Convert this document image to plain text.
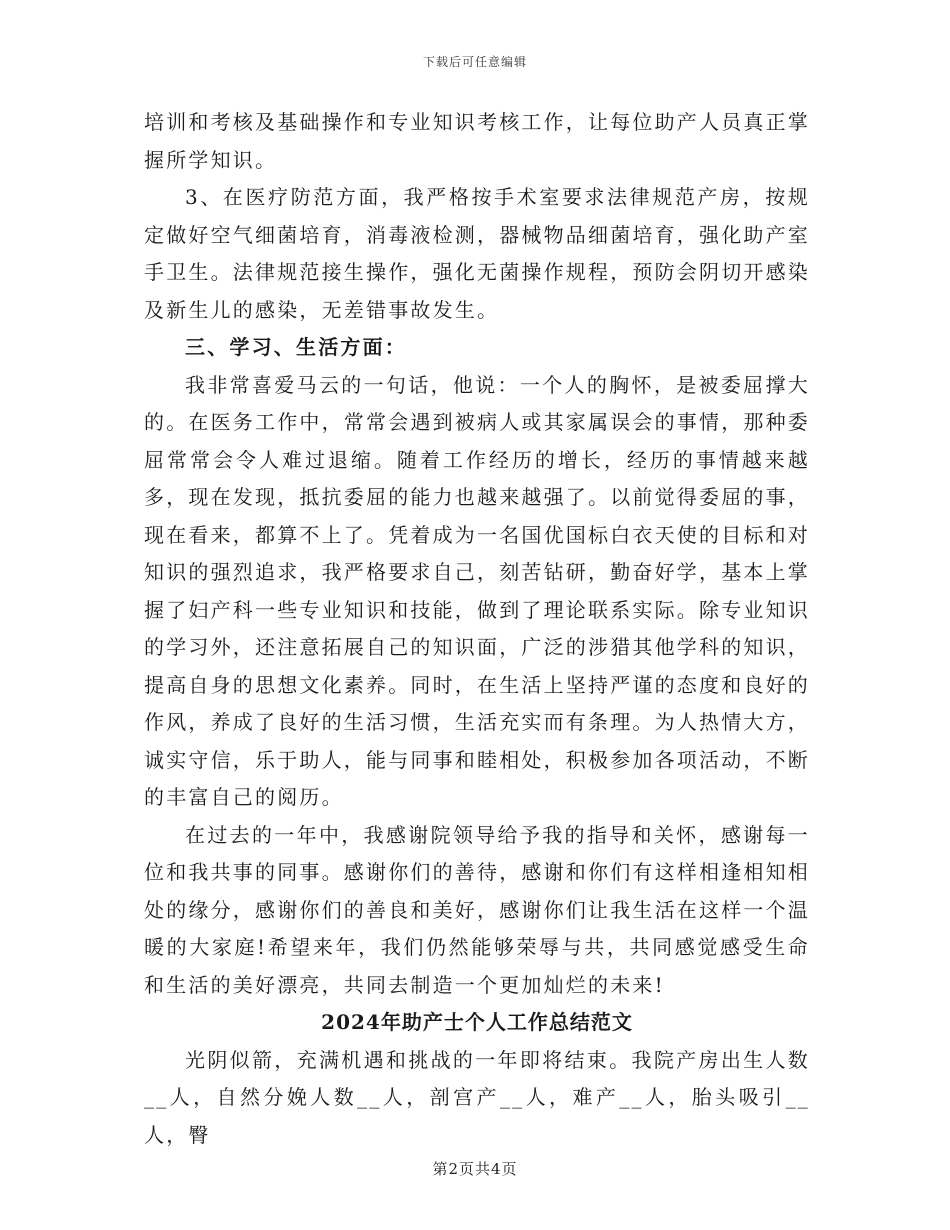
下载后可任意编辑

培训和考核及基础操作和专业知识考核工作，让每位助产人员真正掌握所学知识。

3、在医疗防范方面，我严格按手术室要求法律规范产房，按规定做好空气细菌培育，消毒液检测，器械物品细菌培育，强化助产室手卫生。法律规范接生操作，强化无菌操作规程，预防会阴切开感染及新生儿的感染，无差错事故发生。

三、学习、生活方面：

我非常喜爱马云的一句话，他说：一个人的胸怀，是被委屈撑大的。在医务工作中，常常会遇到被病人或其家属误会的事情，那种委屈常常会令人难过退缩。随着工作经历的增长，经历的事情越来越多，现在发现，抵抗委屈的能力也越来越强了。以前觉得委屈的事，现在看来，都算不上了。凭着成为一名国优国标白衣天使的目标和对知识的强烈追求，我严格要求自己，刻苦钻研，勤奋好学，基本上掌握了妇产科一些专业知识和技能，做到了理论联系实际。除专业知识的学习外，还注意拓展自己的知识面，广泛的涉猎其他学科的知识，提高自身的思想文化素养。同时，在生活上坚持严谨的态度和良好的作风，养成了良好的生活习惯，生活充实而有条理。为人热情大方，诚实守信，乐于助人，能与同事和睦相处，积极参加各项活动，不断的丰富自己的阅历。

在过去的一年中，我感谢院领导给予我的指导和关怀，感谢每一位和我共事的同事。感谢你们的善待，感谢和你们有这样相逢相知相处的缘分，感谢你们的善良和美好，感谢你们让我生活在这样一个温暖的大家庭!希望来年，我们仍然能够荣辱与共，共同感觉感受生命和生活的美好漂亮，共同去制造一个更加灿烂的未来!

2024年助产士个人工作总结范文

光阴似箭，充满机遇和挑战的一年即将结束。我院产房出生人数__人，自然分娩人数__人，剖宫产__人，难产__人，胎头吸引__人，臀

第2页共4页
